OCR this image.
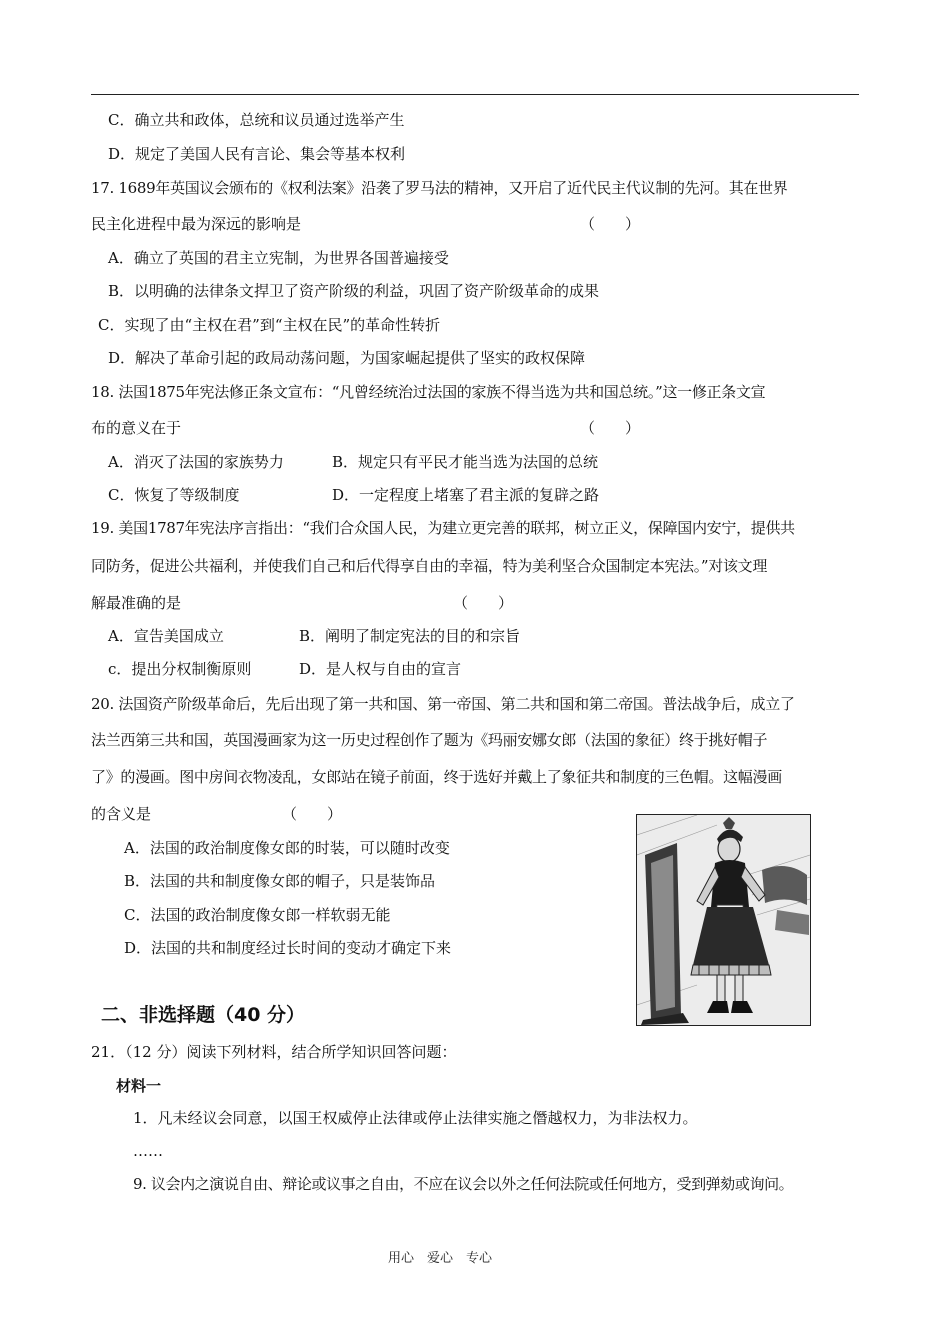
C．确立共和政体，总统和议员通过选举产生
D．规定了美国人民有言论、集会等基本权利
17. 1689年英国议会颁布的《权利法案》沿袭了罗马法的精神，又开启了近代民主代议制的先河。其在世界
民主化进程中最为深远的影响是	（　　）
A．确立了英国的君主立宪制，为世界各国普遍接受
B．以明确的法律条文捍卫了资产阶级的利益，巩固了资产阶级革命的成果
C．实现了由“主权在君”到“主权在民”的革命性转折
D．解决了革命引起的政局动荡问题，为国家崛起提供了坚实的政权保障
18. 法国1875年宪法修正条文宣布：“凡曾经统治过法国的家族不得当选为共和国总统。”这一修正条文宣
布的意义在于	（　　）
A．消灭了法国的家族势力	B．规定只有平民才能当选为法国的总统
C．恢复了等级制度	D．一定程度上堵塞了君主派的复辟之路
19. 美国1787年宪法序言指出：“我们合众国人民，为建立更完善的联邦，树立正义，保障国内安宁，提供共
同防务，促进公共福利，并使我们自己和后代得享自由的幸福，特为美利坚合众国制定本宪法。”对该文理
解最准确的是	（　　）
A．宣告美国成立	B．阐明了制定宪法的目的和宗旨
c．提出分权制衡原则	D．是人权与自由的宣言
20. 法国资产阶级革命后，先后出现了第一共和国、第一帝国、第二共和国和第二帝国。普法战争后，成立了
法兰西第三共和国，英国漫画家为这一历史过程创作了题为《玛丽安娜女郎（法国的象征）终于挑好帽子
了》的漫画。图中房间衣物凌乱，女郎站在镜子前面，终于选好并戴上了象征共和制度的三色帽。这幅漫画
的含义是	（　　）
A．法国的政治制度像女郎的时装，可以随时改变
B．法国的共和制度像女郎的帽子，只是装饰品
C．法国的政治制度像女郎一样软弱无能
D．法国的共和制度经过长时间的变动才确定下来
二、非选择题（40 分）
21．（12 分）阅读下列材料，结合所学知识回答问题：
材料一
1．凡未经议会同意，以国王权威停止法律或停止法律实施之僭越权力，为非法权力。
……
9. 议会内之演说自由、辩论或议事之自由，不应在议会以外之任何法院或任何地方，受到弹劾或询问。
用心　爱心　专心
